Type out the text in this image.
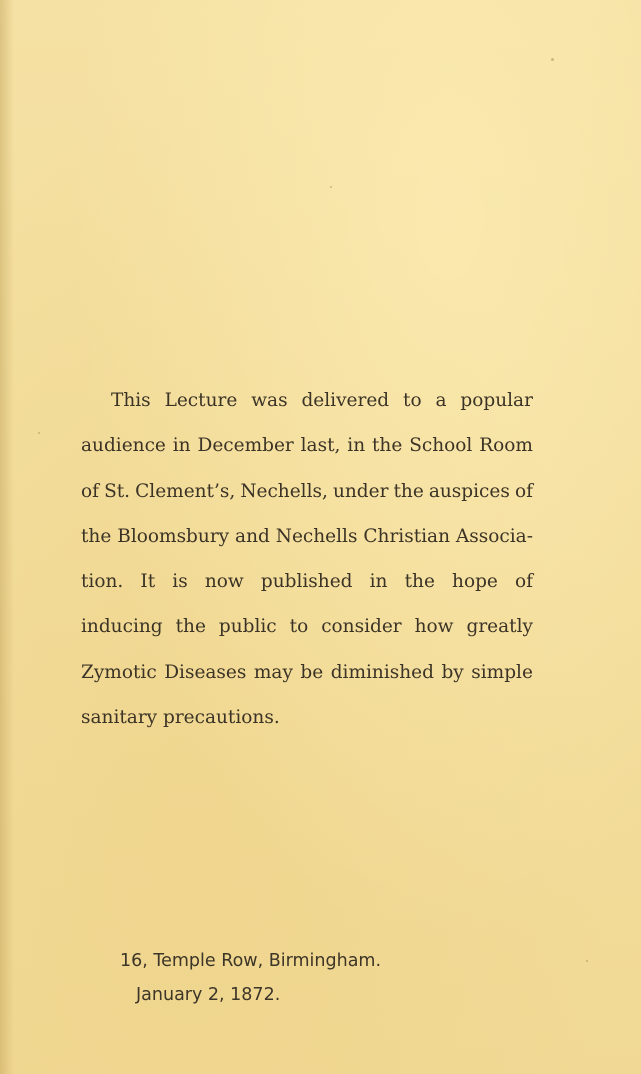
This Lecture was delivered to a popular
audience in December last, in the School Room
of St. Clement’s, Nechells, under the auspices of
the Bloomsbury and Nechells Christian Associa-
tion. It is now published in the hope of
inducing the public to consider how greatly
Zymotic Diseases may be diminished by simple
sanitary precautions.
16, Temple Row, Birmingham.
January 2, 1872.
